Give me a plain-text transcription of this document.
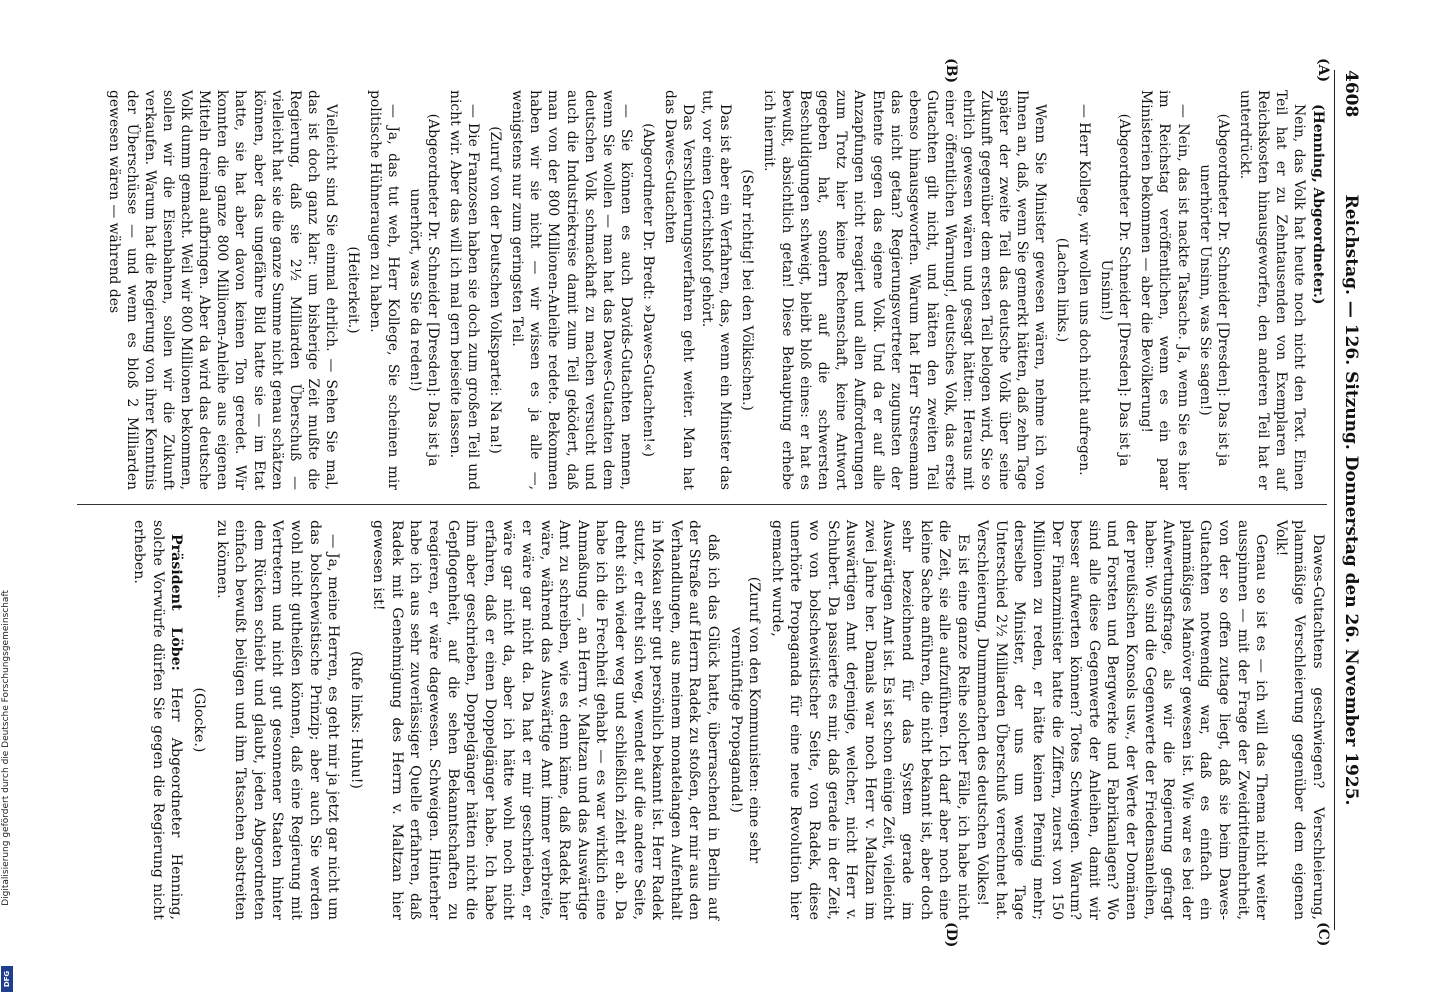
4608
Reichstag. — 126. Sitzung. Donnerstag den 26. November 1925.
(A)
(B)
(C)
(D)

(Henning, Abgeordneter.)

Nein, das Volk hat heute noch nicht den Text. Einen Teil hat er zu Zehntausenden von Exemplaren auf Reichskosten hinausgeworfen, den anderen Teil hat er unterdrückt.

(Abgeordneter Dr. Schneider [Dresden]: Das ist ja unerhörter Unsinn, was Sie sagen!)

— Nein, das ist nackte Tatsache. Ja, wenn Sie es hier im Reichstag veröffentlichen, wenn es ein paar Ministerien bekommen — aber die Bevölkerung!

(Abgeordneter Dr. Schneider [Dresden]: Das ist ja Unsinn!)

— Herr Kollege, wir wollen uns doch nicht aufregen.

(Lachen links.)

Wenn Sie Minister gewesen wären, nehme ich von Ihnen an, daß, wenn Sie gemerkt hätten, daß zehn Tage später der zweite Teil das deutsche Volk über seine Zukunft gegenüber dem ersten Teil belogen wird, Sie so ehrlich gewesen wären und gesagt hätten: Heraus mit einer öffentlichen Warnung!, deutsches Volk, das erste Gutachten gilt nicht, und hätten den zweiten Teil ebenso hinausgeworfen. Warum hat Herr Stresemann das nicht getan? Regierungsvertreter zugunsten der Entente gegen das eigene Volk. Und da er auf alle Anzapfungen nicht reagiert und allen Aufforderungen zum Trotz hier keine Rechenschaft, keine Antwort gegeben hat, sondern auf die schwersten Beschuldigungen schweigt, bleibt bloß eines: er hat es bewußt, absichtlich getan! Diese Behauptung erhebe ich hiermit.

(Sehr richtig! bei den Völkischen.)

Das ist aber ein Verfahren, das, wenn ein Minister das tut, vor einen Gerichtshof gehört.

Das Verschleierungsverfahren geht weiter. Man hat das Dawes-Gutachten

(Abgeordneter Dr. Bredt: »Dawes-Gutachten!«)

— Sie können es auch Davids-Gutachten nennen, wenn Sie wollen — man hat das Dawes-Gutachten dem deutschen Volk schmackhaft zu machen versucht und auch die Industriekreise damit zum Teil geködert, daß man von der 800 Millionen-Anleihe redete. Bekommen haben wir sie nicht — wir wissen es ja alle —, wenigstens nur zum geringsten Teil.

(Zuruf von der Deutschen Volkspartei: Na na!)

— Die Franzosen haben sie doch zum großen Teil und nicht wir. Aber das will ich mal gern beiseite lassen.

(Abgeordneter Dr. Schneider [Dresden]: Das ist ja unerhört, was Sie da reden!)

— Ja, das tut weh, Herr Kollege, Sie scheinen mir politische Hühneraugen zu haben.

(Heiterkeit.)

Vielleicht sind Sie einmal ehrlich. — Sehen Sie mal, das ist doch ganz klar: um bisherige Zeit mußte die Regierung, daß sie 2½ Milliarden Überschuß — vielleicht hat sie die ganze Summe nicht genau schätzen können, aber das ungefähre Bild hatte sie — im Etat hatte, sie hat aber davon keinen Ton geredet. Wir konnten die ganze 800 Millionen-Anleihe aus eigenen Mitteln dreimal aufbringen. Aber da wird das deutsche Volk dumm gemacht. Weil wir 800 Millionen bekommen, sollen wir die Eisenbahnen, sollen wir die Zukunft verkaufen. Warum hat die Regierung von ihrer Kenntnis der Überschüsse — und wenn es bloß 2 Milliarden gewesen wären — während des

Dawes-Gutachtens geschwiegen? Verschleierung, planmäßige Verschleierung gegenüber dem eigenen Volk!

Genau so ist es — ich will das Thema nicht weiter ausspinnen — mit der Frage der Zweidrittelmehrheit, von der so offen zutage liegt, daß sie beim Dawes-Gutachten notwendig war, daß es einfach ein planmäßiges Manöver gewesen ist. Wie war es bei der Aufwertungsfrage, als wir die Regierung gefragt haben: Wo sind die Gegenwerte der Friedensanleihen, der preußischen Konsols usw., der Werte der Domänen und Forsten und Bergwerke und Fabrikanlagen? Wo sind alle diese Gegenwerte der Anleihen, damit wir besser aufwerten können? Totes Schweigen. Warum? Der Finanzminister hatte die Ziffern, zuerst von 150 Millionen zu reden, er hätte keinen Pfennig mehr; derselbe Minister, der uns um wenige Tage Unterschied 2½ Milliarden Überschuß verrechnet hat. Verschleierung, Dummmachen des deutschen Volkes!

Es ist eine ganze Reihe solcher Fälle, ich habe nicht die Zeit, sie alle aufzuführen. Ich darf aber noch eine kleine Sache anführen, die nicht bekannt ist, aber doch sehr bezeichnend für das System gerade im Auswärtigen Amt ist. Es ist schon einige Zeit, vielleicht zwei Jahre her. Damals war noch Herr v. Maltzan im Auswärtigen Amt derjenige, welcher, nicht Herr v. Schubert. Da passierte es mir, daß gerade in der Zeit, wo von bolschewistischer Seite, von Radek, diese unerhörte Propaganda für eine neue Revolution hier gemacht wurde,

(Zuruf von den Kommunisten: eine sehr vernünftige Propaganda!)

daß ich das Glück hatte, überraschend in Berlin auf der Straße auf Herrn Radek zu stoßen, der mir aus den Verhandlungen, aus meinem monatelangen Aufenthalt in Moskau sehr gut persönlich bekannt ist. Herr Radek stutzt, er dreht sich weg, wendet auf die andere Seite, dreht sich wieder weg und schließlich zieht er ab. Da habe ich die Frechheit gehabt — es war wirklich eine Anmaßung —, an Herrn v. Maltzan und das Auswärtige Amt zu schreiben, wie es denn käme, daß Radek hier wäre, während das Auswärtige Amt immer verbreite, er wäre gar nicht da. Da hat er mir geschrieben, er wäre gar nicht da, aber ich hätte wohl noch nicht erfahren, daß er einen Doppelgänger habe. Ich habe ihm aber geschrieben, Doppelgänger hätten nicht die Gepflogenheit, auf die sehen Bekanntschaften zu reagieren, er wäre dagewesen. Schweigen. Hinterher habe ich aus sehr zuverlässiger Quelle erfahren, daß Radek mit Genehmigung des Herrn v. Maltzan hier gewesen ist!

(Rufe links: Huhu!)

— Ja, meine Herren, es geht mir ja jetzt gar nicht um das bolschewistische Prinzip; aber auch Sie werden wohl nicht gutheißen können, daß eine Regierung mit Vertretern und nicht gut gesonnener Staaten hinter dem Rücken schiebt und glaubt, jeden Abgeordneten einfach bewußt belügen und ihm Tatsachen abstreiten zu können.

(Glocke.)

Präsident Löbe: Herr Abgeordneter Henning, solche Vorwürfe dürfen Sie gegen die Regierung nicht erheben.

Digitalisierung gefördert durch die Deutsche Forschungsgemeinschaft
DFG
